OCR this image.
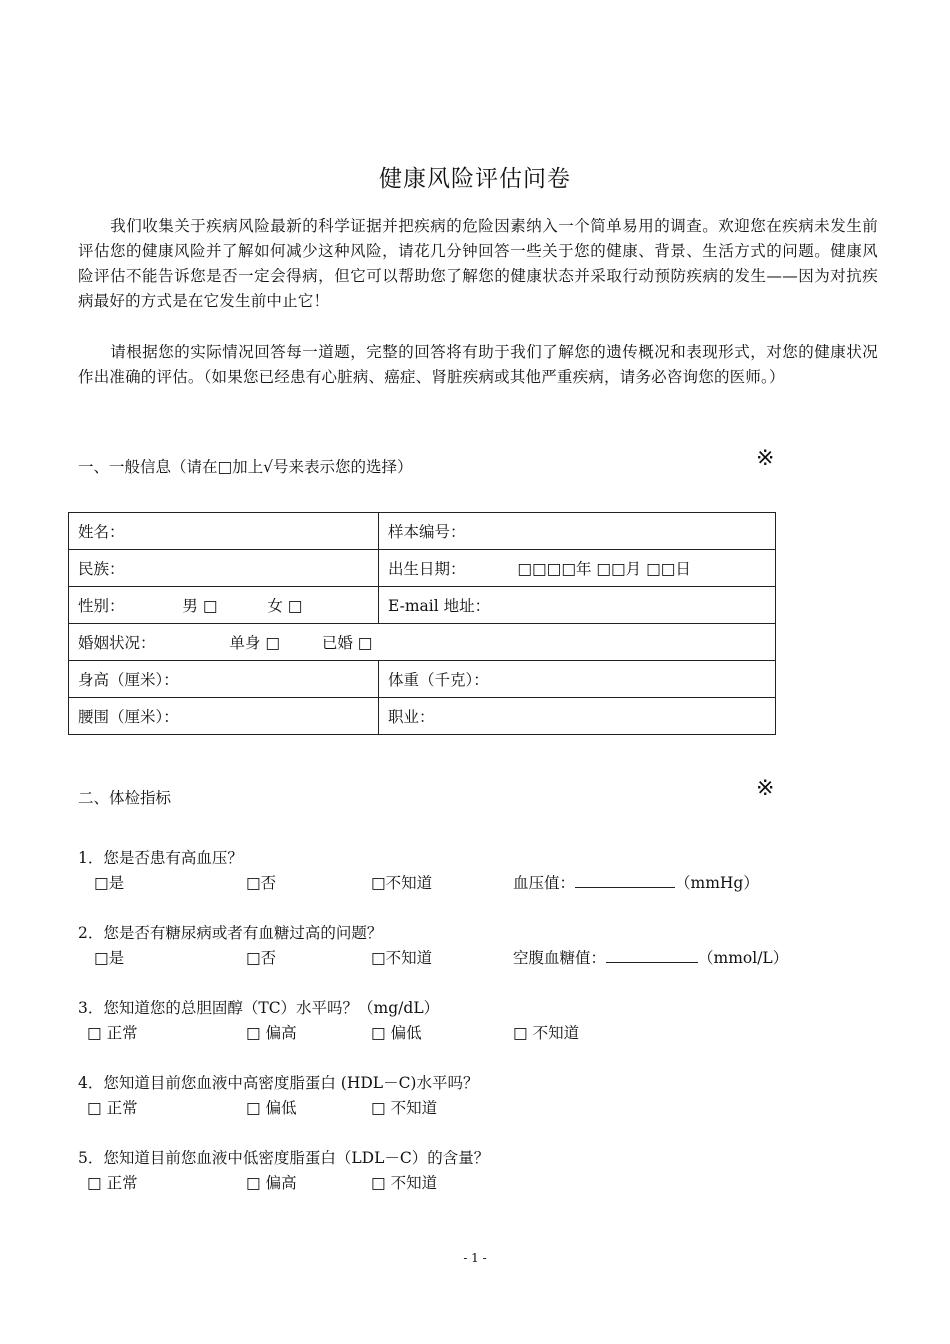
健康风险评估问卷
我们收集关于疾病风险最新的科学证据并把疾病的危险因素纳入一个简单易用的调查。欢迎您在疾病未发生前评估您的健康风险并了解如何减少这种风险，请花几分钟回答一些关于您的健康、背景、生活方式的问题。健康风险评估不能告诉您是否一定会得病，但它可以帮助您了解您的健康状态并采取行动预防疾病的发生——因为对抗疾病最好的方式是在它发生前中止它！
请根据您的实际情况回答每一道题，完整的回答将有助于我们了解您的遗传概况和表现形式，对您的健康状况作出准确的评估。（如果您已经患有心脏病、癌症、肾脏疾病或其他严重疾病，请务必咨询您的医师。）
一、一般信息（请在□加上√号来表示您的选择）	※
姓名：	样本编号：
民族：	出生日期： □□□□年 □□月 □□日
性别： 男 □ 女 □	E-mail 地址：
婚姻状况： 单身 □ 已婚 □	
身高（厘米）：	体重（千克）：
腰围（厘米）：	职业：
二、体检指标	※
1．您是否患有高血压？
□是	□否	□不知道	血压值：	（mmHg）
2．您是否有糖尿病或者有血糖过高的问题？
□是	□否	□不知道	空腹血糖值：	（mmol/L）
3．您知道您的总胆固醇（TC）水平吗？（mg/dL）
□ 正常	□ 偏高	□ 偏低	□ 不知道
4．您知道目前您血液中高密度脂蛋白 (HDL－C)水平吗？
□ 正常	□ 偏低	□ 不知道
5．您知道目前您血液中低密度脂蛋白（LDL－C）的含量？
□ 正常	□ 偏高	□ 不知道
- 1 -
